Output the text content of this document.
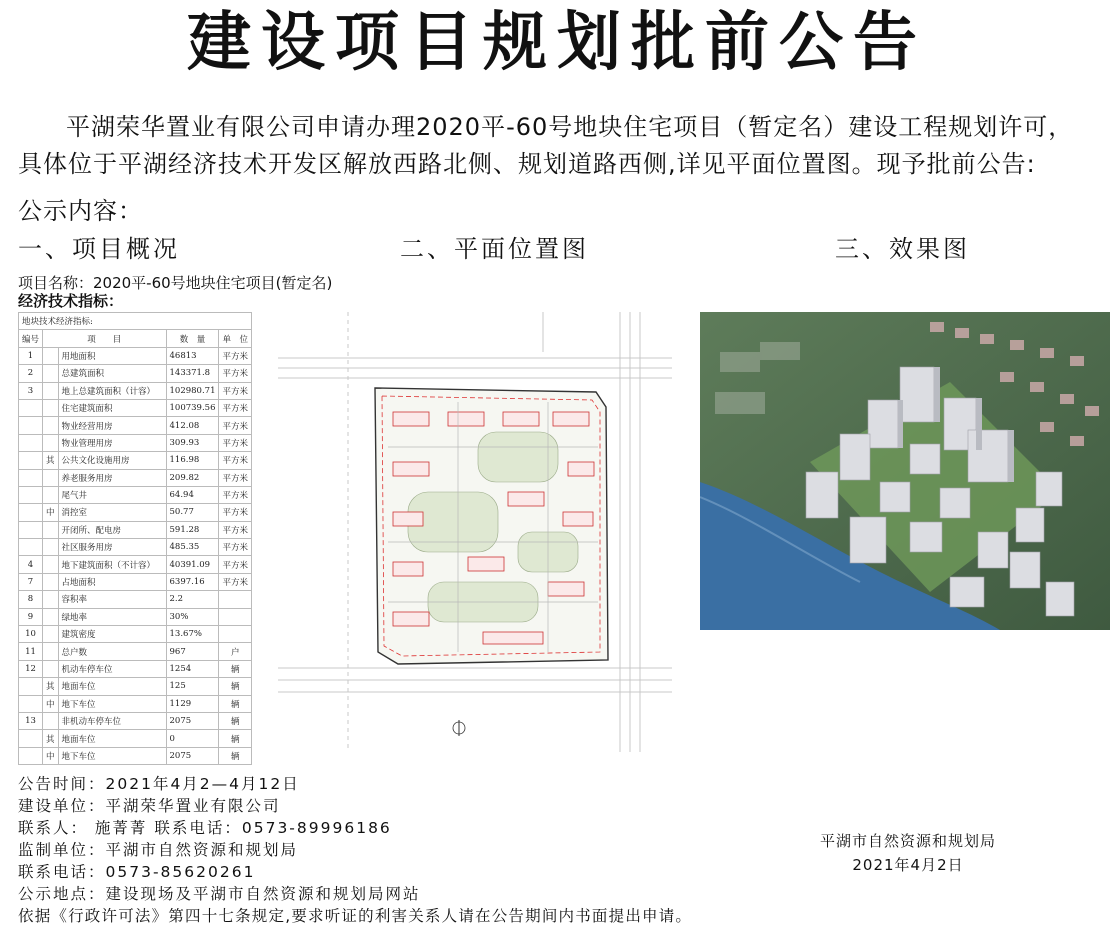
建设项目规划批前公告
平湖荣华置业有限公司申请办理2020平-60号地块住宅项目（暂定名）建设工程规划许可，
具体位于平湖经济技术开发区解放西路北侧、规划道路西侧,详见平面位置图。现予批前公告:
公示内容：
一、项目概况	二、平面位置图	三、效果图
项目名称：2020平-60号地块住宅项目(暂定名)
经济技术指标：
地块技术经济指标:				
编号	项　　目		数　量	单　位
1		用地面积	46813	平方米
2		总建筑面积	143371.8	平方米
3		地上总建筑面积（计容）	102980.71	平方米
		住宅建筑面积	100739.56	平方米
		物业经营用房	412.08	平方米
		物业管理用房	309.93	平方米
	其	公共文化设施用房	116.98	平方米
		养老服务用房	209.82	平方米
		尾气井	64.94	平方米
	中	消控室	50.77	平方米
		开闭所、配电房	591.28	平方米
		社区服务用房	485.35	平方米
4		地下建筑面积（不计容）	40391.09	平方米
7		占地面积	6397.16	平方米
8		容积率	2.2	
9		绿地率	30%	
10		建筑密度	13.67%	
11		总户数	967	户
12		机动车停车位	1254	辆
	其	地面车位	125	辆
	中	地下车位	1129	辆
13		非机动车停车位	2075	辆
	其	地面车位	0	辆
	中	地下车位	2075	辆
公告时间：2021年4月2—4月12日
建设单位：平湖荣华置业有限公司
联系人： 施菁菁 联系电话：0573-89996186
监制单位：平湖市自然资源和规划局
联系电话：0573-85620261
公示地点：建设现场及平湖市自然资源和规划局网站
依据《行政许可法》第四十七条规定,要求听证的利害关系人请在公告期间内书面提出申请。
平湖市自然资源和规划局
2021年4月2日
